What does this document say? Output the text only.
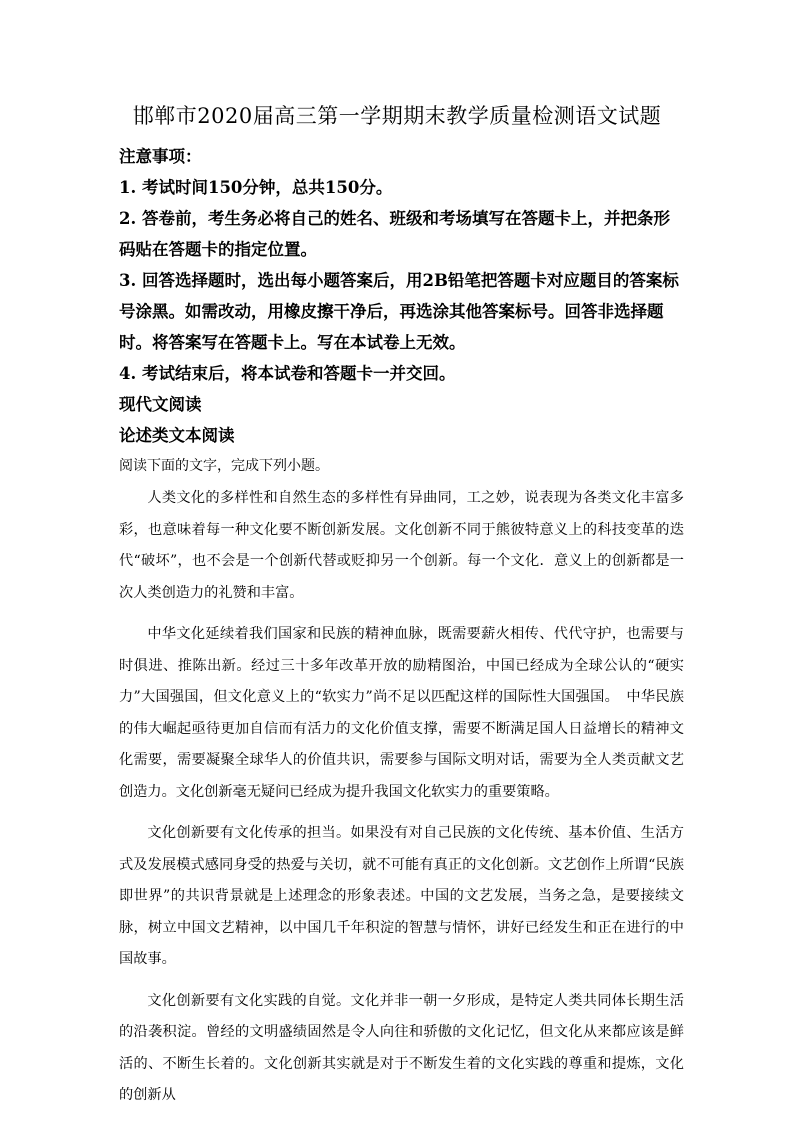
邯郸市2020届高三第一学期期末教学质量检测语文试题

注意事项：

1. 考试时间150分钟，总共150分。

2. 答卷前，考生务必将自己的姓名、班级和考场填写在答题卡上，并把条形码贴在答题卡的指定位置。

3. 回答选择题时，选出每小题答案后，用2B铅笔把答题卡对应题目的答案标号涂黑。如需改动，用橡皮擦干净后，再选涂其他答案标号。回答非选择题时。将答案写在答题卡上。写在本试卷上无效。

4. 考试结束后，将本试卷和答题卡一并交回。

现代文阅读

论述类文本阅读

阅读下面的文字，完成下列小题。

人类文化的多样性和自然生态的多样性有异曲同，工之妙，说表现为各类文化丰富多彩，也意味着每一种文化要不断创新发展。文化创新不同于熊彼特意义上的科技变革的迭代“破坏”，也不会是一个创新代替或贬抑另一个创新。每一个文化．意义上的创新都是一次人类创造力的礼赞和丰富。

中华文化延续着我们国家和民族的精神血脉，既需要薪火相传、代代守护，也需要与时俱进、推陈出新。经过三十多年改革开放的励精图治，中国已经成为全球公认的“硬实力”大国强国，但文化意义上的“软实力”尚不足以匹配这样的国际性大国强国。　中华民族的伟大崛起亟待更加自信而有活力的文化价值支撑，需要不断满足国人日益增长的精神文化需要，需要凝聚全球华人的价值共识，需要参与国际文明对话，需要为全人类贡献文艺创造力。文化创新毫无疑问已经成为提升我国文化软实力的重要策略。

文化创新要有文化传承的担当。如果没有对自己民族的文化传统、基本价值、生活方式及发展模式感同身受的热爱与关切，就不可能有真正的文化创新。文艺创作上所谓“民族即世界”的共识背景就是上述理念的形象表述。中国的文艺发展，当务之急，是要接续文脉，树立中国文艺精神，以中国几千年积淀的智慧与情怀，讲好已经发生和正在进行的中国故事。

文化创新要有文化实践的自觉。文化并非一朝一夕形成，是特定人类共同体长期生活的沿袭积淀。曾经的文明盛绩固然是令人向往和骄傲的文化记忆，但文化从来都应该是鲜活的、不断生长着的。文化创新其实就是对于不断发生着的文化实践的尊重和提炼，文化的创新从
